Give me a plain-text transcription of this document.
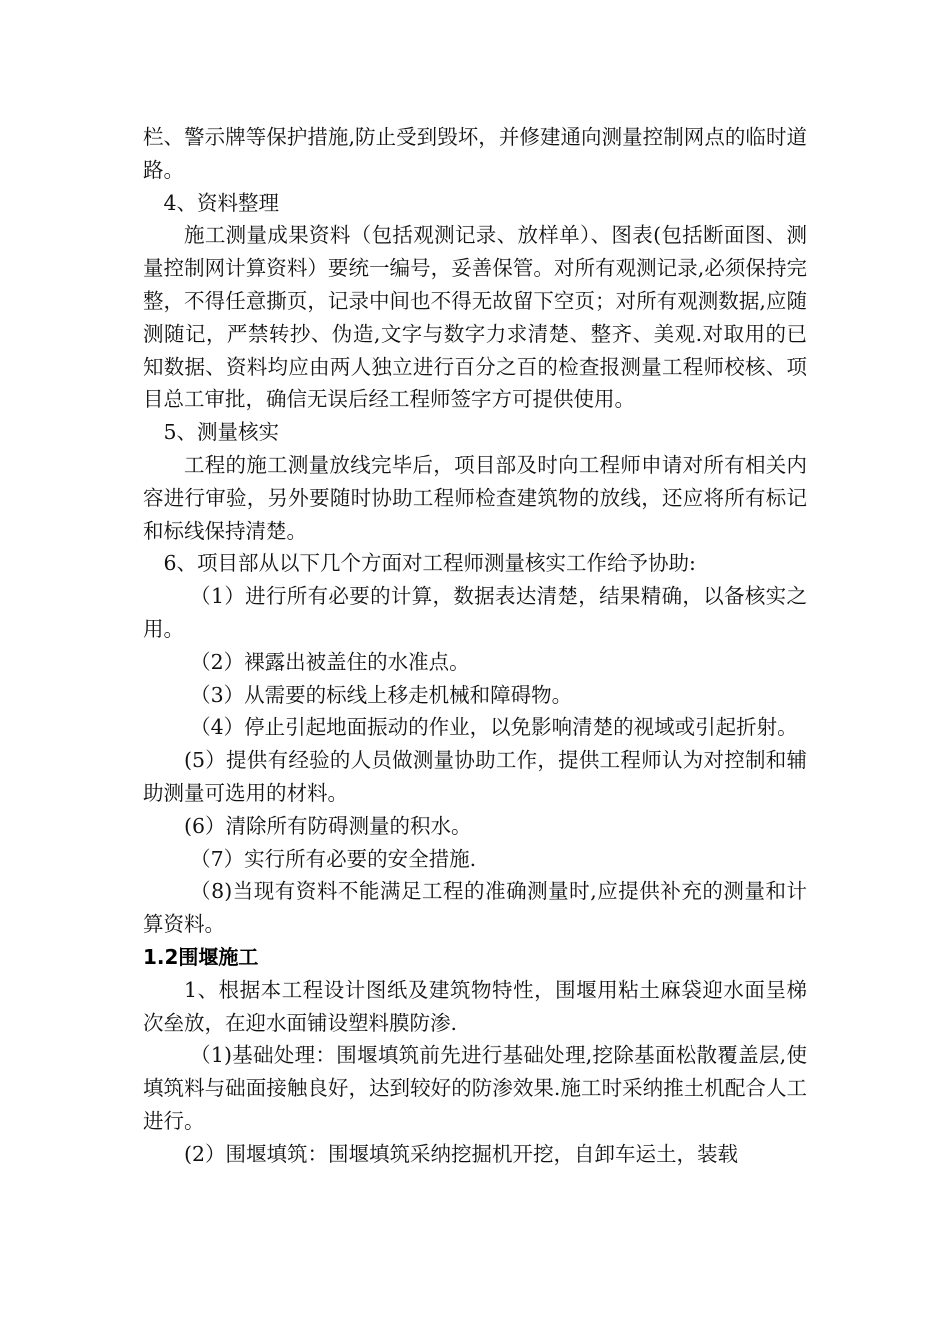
栏、警示牌等保护措施,防止受到毁坏，并修建通向测量控制网点的临时道路。

4、资料整理

施工测量成果资料（包括观测记录、放样单）、图表(包括断面图、测量控制网计算资料）要统一编号，妥善保管。对所有观测记录,必须保持完整，不得任意撕页，记录中间也不得无故留下空页；对所有观测数据,应随测随记，严禁转抄、伪造,文字与数字力求清楚、整齐、美观.对取用的已知数据、资料均应由两人独立进行百分之百的检查报测量工程师校核、项目总工审批，确信无误后经工程师签字方可提供使用。

5、测量核实

工程的施工测量放线完毕后，项目部及时向工程师申请对所有相关内容进行审验，另外要随时协助工程师检查建筑物的放线，还应将所有标记和标线保持清楚。

6、项目部从以下几个方面对工程师测量核实工作给予协助:

（1）进行所有必要的计算，数据表达清楚，结果精确，以备核实之用。

（2）裸露出被盖住的水准点。

（3）从需要的标线上移走机械和障碍物。

（4）停止引起地面振动的作业，以免影响清楚的视域或引起折射。

(5）提供有经验的人员做测量协助工作，提供工程师认为对控制和辅助测量可选用的材料。

(6）清除所有防碍测量的积水。

（7）实行所有必要的安全措施.

（8)当现有资料不能满足工程的准确测量时,应提供补充的测量和计算资料。

1.2围堰施工

1、根据本工程设计图纸及建筑物特性，围堰用粘土麻袋迎水面呈梯次垒放，在迎水面铺设塑料膜防渗.

（1)基础处理：围堰填筑前先进行基础处理,挖除基面松散覆盖层,使填筑料与础面接触良好，达到较好的防渗效果.施工时采纳推土机配合人工进行。

(2）围堰填筑：围堰填筑采纳挖掘机开挖，自卸车运土，装载
